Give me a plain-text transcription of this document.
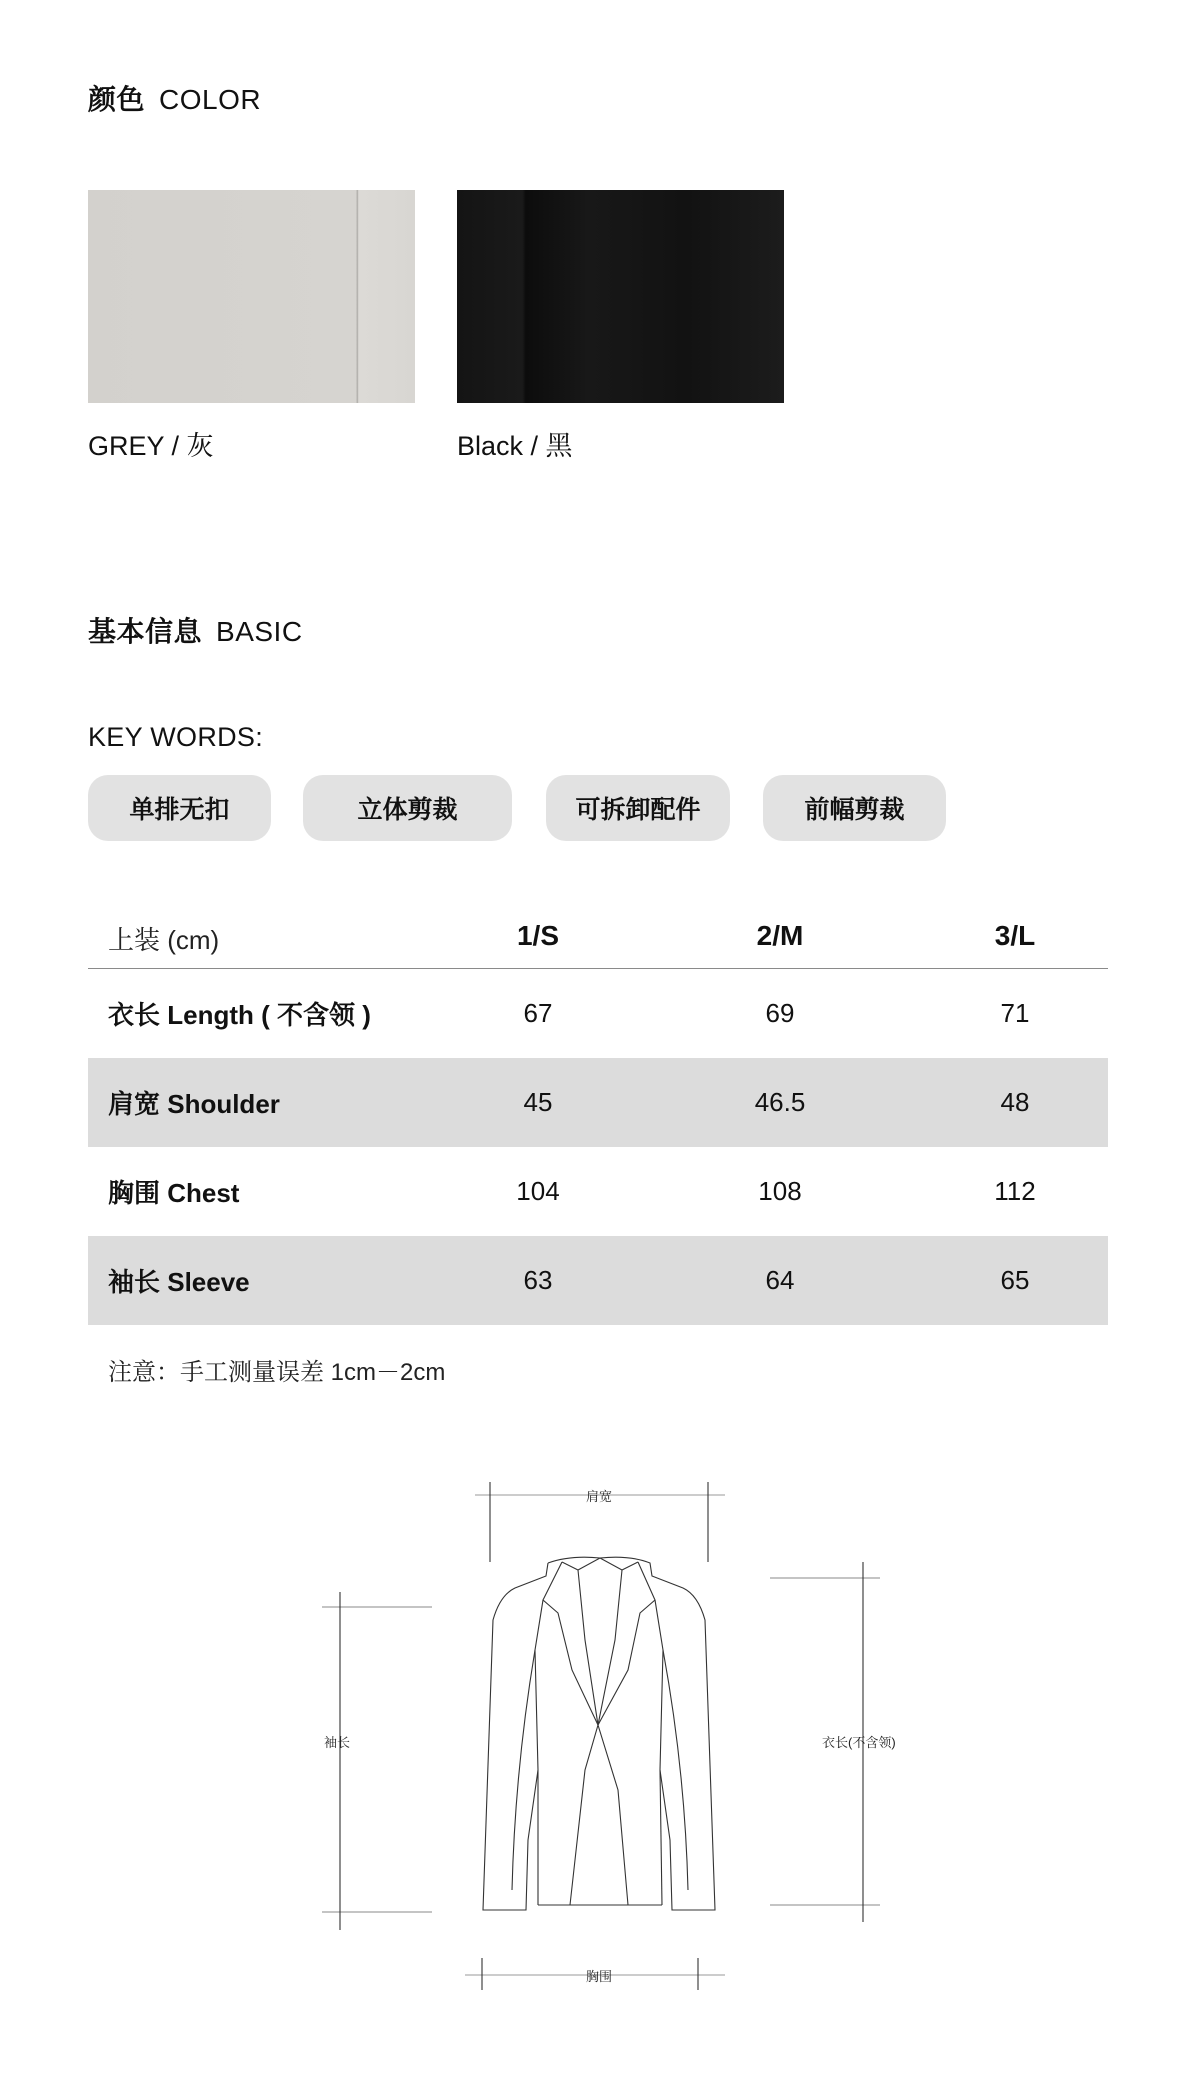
颜色 COLOR
GREY / 灰	Black / 黑
基本信息 BASIC
KEY WORDS:
单排无扣	立体剪裁	可拆卸配件	前幅剪裁
上装 (cm)	1/S	2/M	3/L
衣长 Length ( 不含领 )	67	69	71
肩宽 Shoulder	45	46.5	48
胸围 Chest	104	108	112
袖长 Sleeve	63	64	65
注意：手工测量误差 1cm－2cm
肩宽
袖长	衣长(不含领)
胸围
